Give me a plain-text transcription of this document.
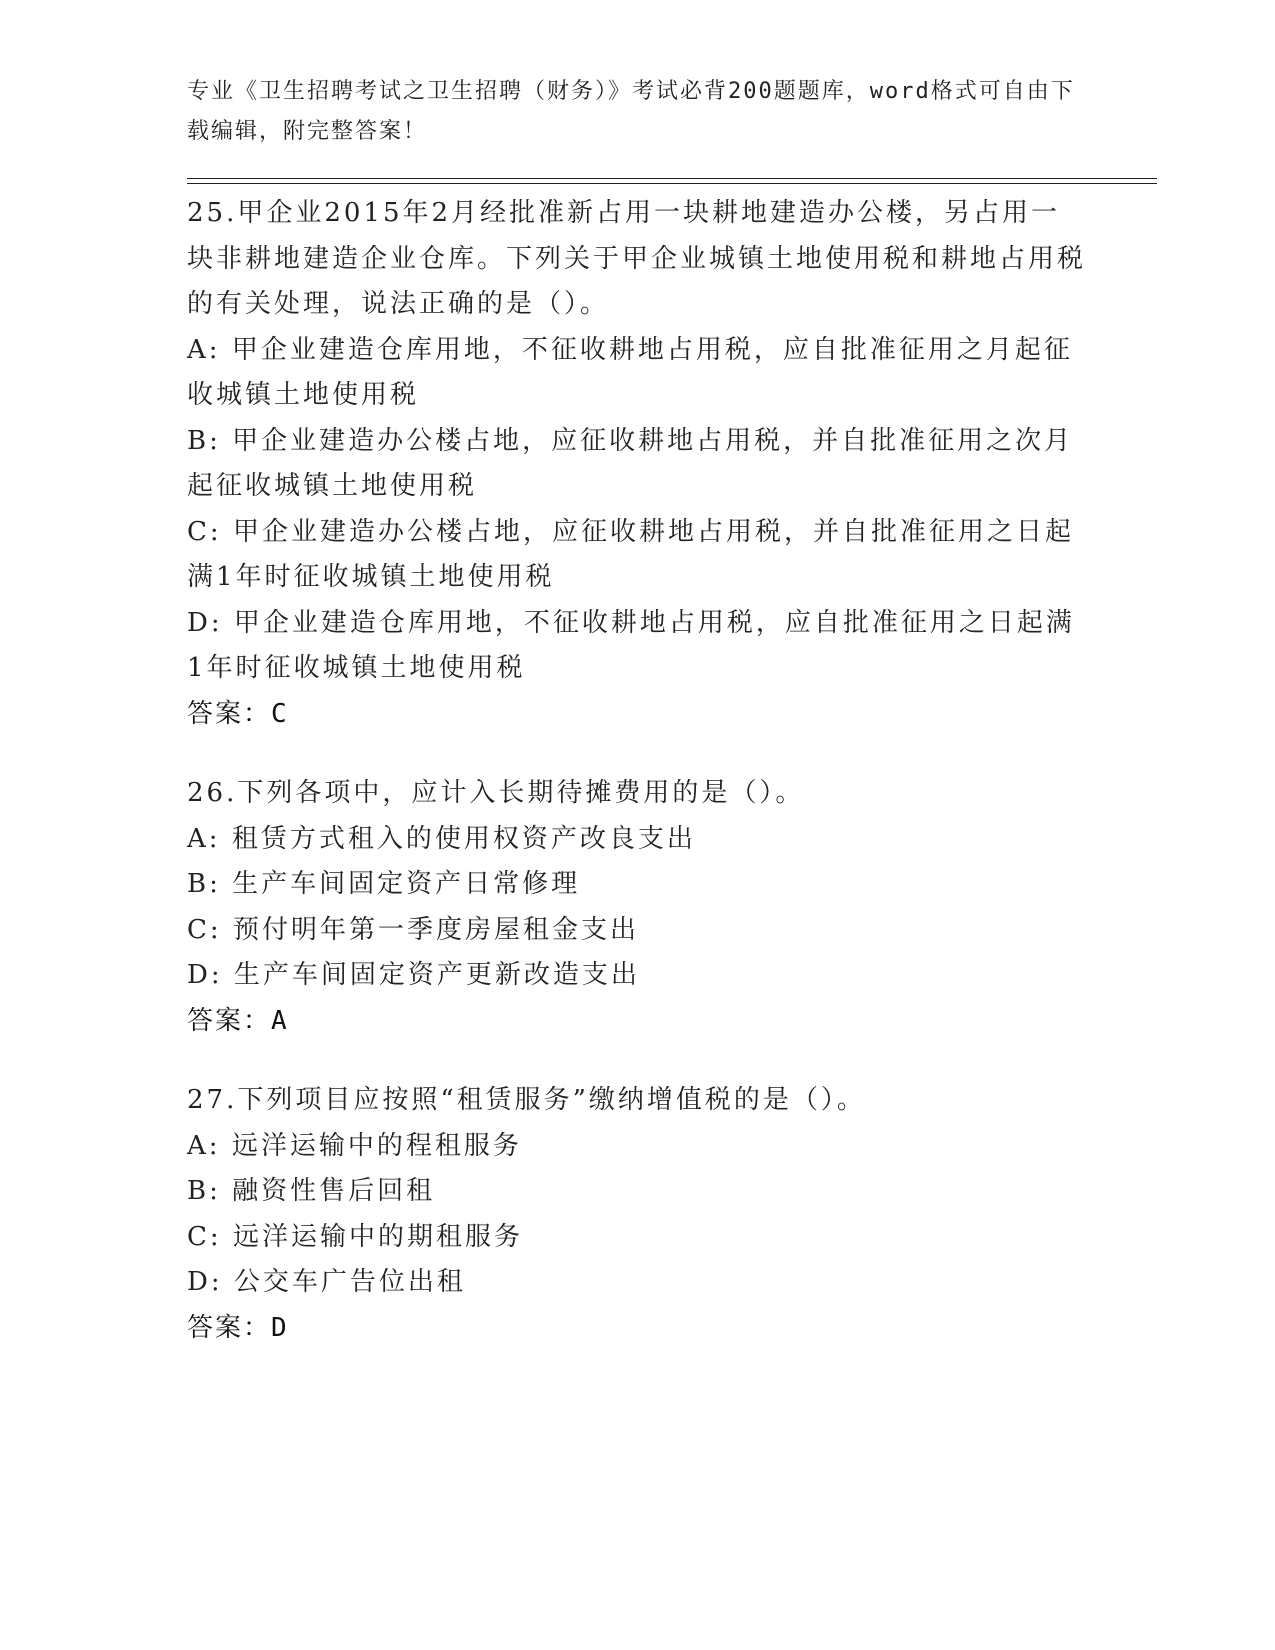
专业《卫生招聘考试之卫生招聘（财务）》考试必背200题题库，word格式可自由下载编辑，附完整答案！
25.甲企业2015年2月经批准新占用一块耕地建造办公楼，另占用一块非耕地建造企业仓库。下列关于甲企业城镇土地使用税和耕地占用税的有关处理，说法正确的是（）。
A: 甲企业建造仓库用地，不征收耕地占用税，应自批准征用之月起征收城镇土地使用税
B: 甲企业建造办公楼占地，应征收耕地占用税，并自批准征用之次月起征收城镇土地使用税
C: 甲企业建造办公楼占地，应征收耕地占用税，并自批准征用之日起满1年时征收城镇土地使用税
D: 甲企业建造仓库用地，不征收耕地占用税，应自批准征用之日起满1年时征收城镇土地使用税
答案：C
26.下列各项中，应计入长期待摊费用的是（）。
A: 租赁方式租入的使用权资产改良支出
B: 生产车间固定资产日常修理
C: 预付明年第一季度房屋租金支出
D: 生产车间固定资产更新改造支出
答案：A
27.下列项目应按照“租赁服务”缴纳增值税的是（）。
A: 远洋运输中的程租服务
B: 融资性售后回租
C: 远洋运输中的期租服务
D: 公交车广告位出租
答案：D
